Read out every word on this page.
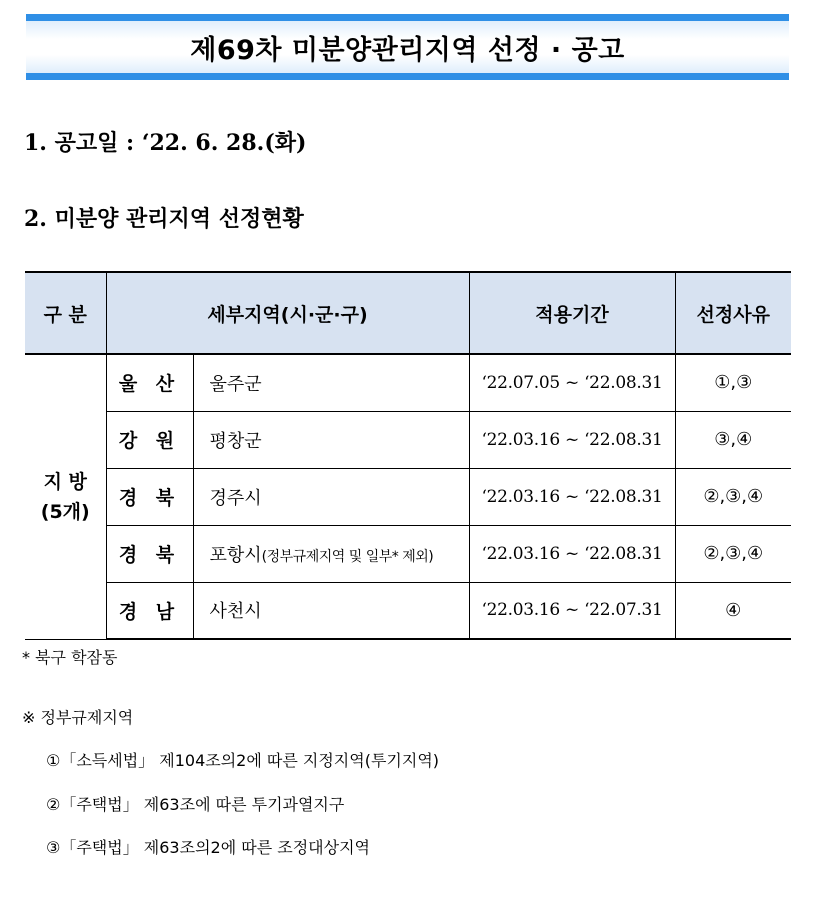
제69차 미분양관리지역 선정 · 공고
1. 공고일 : ‘22. 6. 28.(화)
2. 미분양 관리지역 선정현황
구 분	세부지역(시·군·구)		적용기간	선정사유

지 방
(5개)	울 산	울주군	‘22.07.05 ~ ‘22.08.31	①,③
	강 원	평창군	‘22.03.16 ~ ‘22.08.31	③,④
	경 북	경주시	‘22.03.16 ~ ‘22.08.31	②,③,④
	경 북	포항시(정부규제지역 및 일부* 제외)	‘22.03.16 ~ ‘22.08.31	②,③,④
	경 남	사천시	‘22.03.16 ~ ‘22.07.31	④
* 북구 학잠동
※ 정부규제지역
①「소득세법」 제104조의2에 따른 지정지역(투기지역)
②「주택법」 제63조에 따른 투기과열지구
③「주택법」 제63조의2에 따른 조정대상지역
